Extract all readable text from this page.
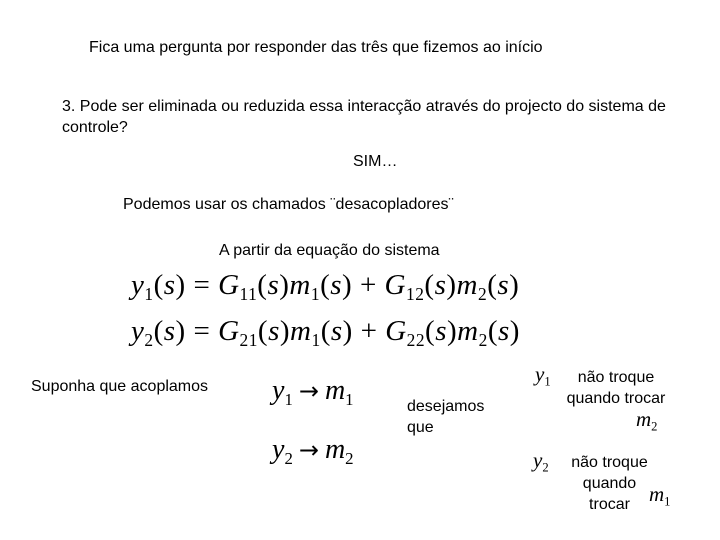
Fica uma pergunta por responder das três que fizemos ao início
3. Pode ser eliminada ou reduzida essa interacção através do projecto do sistema de controle?
SIM…
Podemos usar os chamados ¨desacopladores¨
A partir da equação do sistema
$y_1(s) = G_{11}(s)m_1(s) + G_{12}(s)m_2(s)$
$y_2(s) = G_{21}(s)m_1(s) + G_{22}(s)m_2(s)$
Suponha que acoplamos $y_1 \to m_1$
$y_2 \to m_2$
desejamos que
$y_1$	não troque quando trocar
$m_2$
$y_2$	não troque quando trocar $m_1$
